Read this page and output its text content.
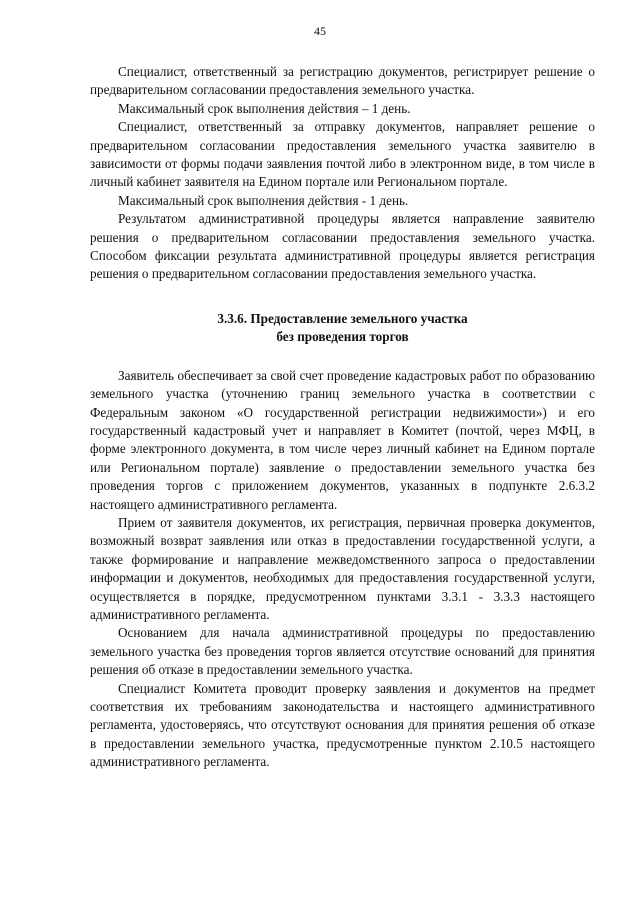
45

Специалист, ответственный за регистрацию документов, регистрирует решение о предварительном согласовании предоставления земельного участка.

Максимальный срок выполнения действия – 1 день.

Специалист, ответственный за отправку документов, направляет решение о предварительном согласовании предоставления земельного участка заявителю в зависимости от формы подачи заявления почтой либо в электронном виде, в том числе в личный кабинет заявителя на Едином портале или Региональном портале.

Максимальный срок выполнения действия - 1 день.

Результатом административной процедуры является направление заявителю решения о предварительном согласовании предоставления земельного участка. Способом фиксации результата административной процедуры является регистрация решения о предварительном согласовании предоставления земельного участка.

3.3.6. Предоставление земельного участка
без проведения торгов

Заявитель обеспечивает за свой счет проведение кадастровых работ по образованию земельного участка (уточнению границ земельного участка в соответствии с Федеральным законом «О государственной регистрации недвижимости») и его государственный кадастровый учет и направляет в Комитет (почтой, через МФЦ, в форме электронного документа, в том числе через личный кабинет на Едином портале или Региональном портале) заявление о предоставлении земельного участка без проведения торгов с приложением документов, указанных в подпункте 2.6.3.2 настоящего административного регламента.

Прием от заявителя документов, их регистрация, первичная проверка документов, возможный возврат заявления или отказ в предоставлении государственной услуги, а также формирование и направление межведомственного запроса о предоставлении информации и документов, необходимых для предоставления государственной услуги, осуществляется в порядке, предусмотренном пунктами 3.3.1 - 3.3.3 настоящего административного регламента.

Основанием для начала административной процедуры по предоставлению земельного участка без проведения торгов является отсутствие оснований для принятия решения об отказе в предоставлении земельного участка.

Специалист Комитета проводит проверку заявления и документов на предмет соответствия их требованиям законодательства и настоящего административного регламента, удостоверяясь, что отсутствуют основания для принятия решения об отказе в предоставлении земельного участка, предусмотренные пунктом 2.10.5 настоящего административного регламента.
